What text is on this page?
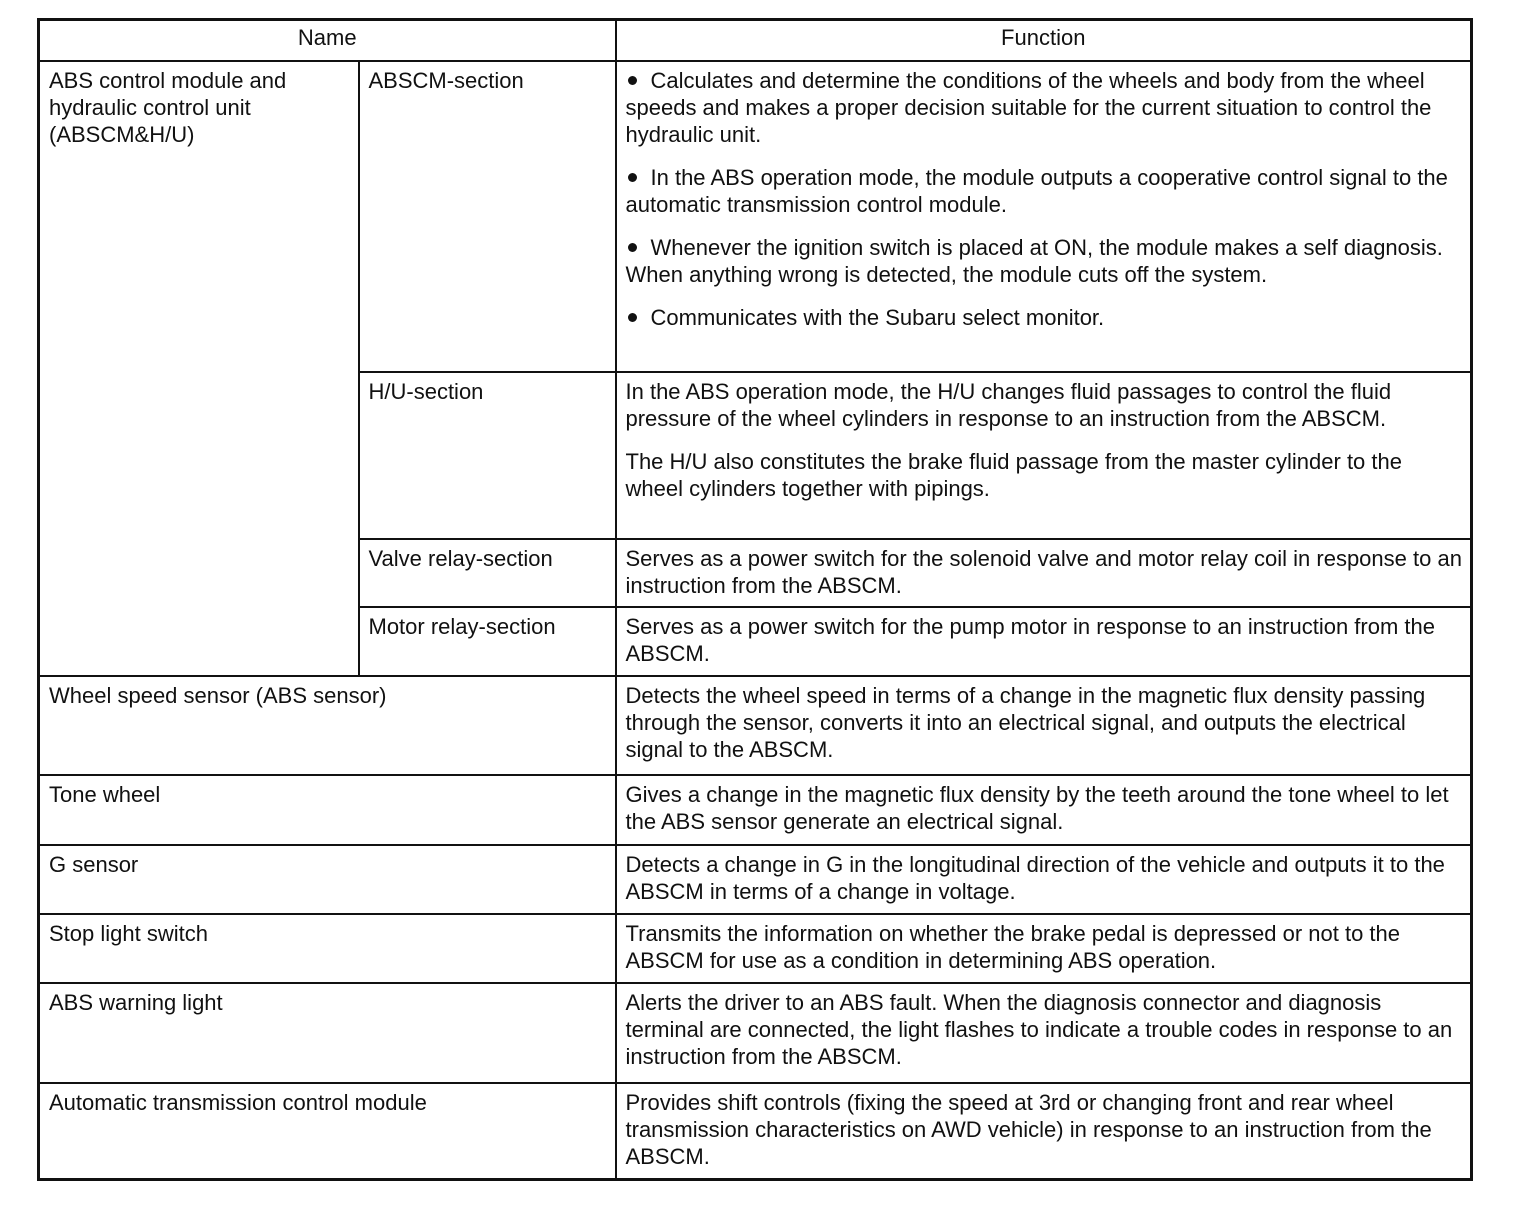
Name		Function
ABS control module and hydraulic control unit (ABSCM&H/U)	ABSCM-section	Calculates and determine the conditions of the wheels and body from the wheel speeds and makes a proper decision suitable for the current situation to control the hydraulic unit.

In the ABS operation mode, the module outputs a cooperative control signal to the automatic transmission control module.

Whenever the ignition switch is placed at ON, the module makes a self diagnosis. When anything wrong is detected, the module cuts off the system.

Communicates with the Subaru select monitor.

	H/U-section	In the ABS operation mode, the H/U changes fluid passages to control the fluid pressure of the wheel cylinders in response to an instruction from the ABSCM.

The H/U also constitutes the brake fluid passage from the master cylinder to the wheel cylinders together with pipings.

	Valve relay-section	Serves as a power switch for the solenoid valve and motor relay coil in response to an instruction from the ABSCM.
	Motor relay-section	Serves as a power switch for the pump motor in response to an instruction from the ABSCM.
Wheel speed sensor (ABS sensor)		Detects the wheel speed in terms of a change in the magnetic flux density passing through the sensor, converts it into an electrical signal, and outputs the electrical signal to the ABSCM.
Tone wheel		Gives a change in the magnetic flux density by the teeth around the tone wheel to let the ABS sensor generate an electrical signal.
G sensor		Detects a change in G in the longitudinal direction of the vehicle and outputs it to the ABSCM in terms of a change in voltage.
Stop light switch		Transmits the information on whether the brake pedal is depressed or not to the ABSCM for use as a condition in determining ABS operation.
ABS warning light		Alerts the driver to an ABS fault. When the diagnosis connector and diagnosis terminal are connected, the light flashes to indicate a trouble codes in response to an instruction from the ABSCM.
Automatic transmission control module		Provides shift controls (fixing the speed at 3rd or changing front and rear wheel transmission characteristics on AWD vehicle) in response to an instruction from the ABSCM.
